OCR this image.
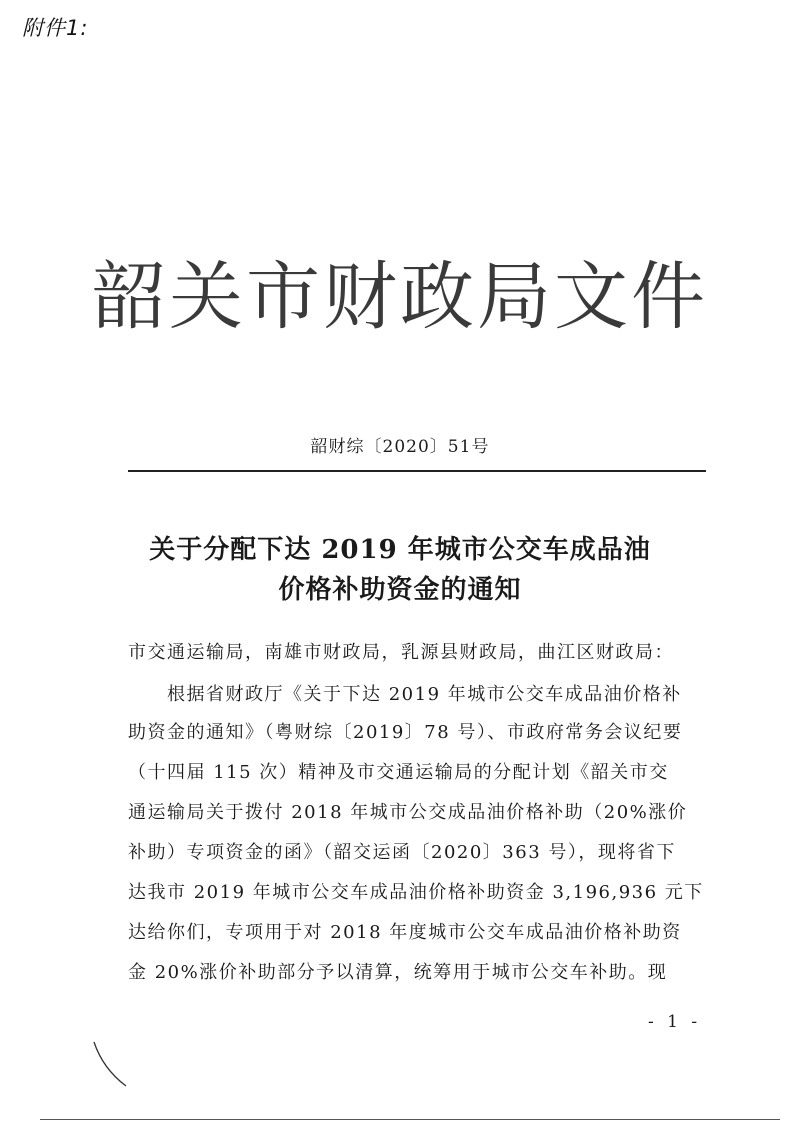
附件1:
韶关市财政局文件
韶财综〔2020〕51号
关于分配下达 2019 年城市公交车成品油
价格补助资金的通知
市交通运输局，南雄市财政局，乳源县财政局，曲江区财政局：
　　根据省财政厅《关于下达 2019 年城市公交车成品油价格补
助资金的通知》（粤财综〔2019〕78 号）、市政府常务会议纪要
（十四届 115 次）精神及市交通运输局的分配计划《韶关市交
通运输局关于拨付 2018 年城市公交成品油价格补助（20%涨价
补助）专项资金的函》（韶交运函〔2020〕363 号），现将省下
达我市 2019 年城市公交车成品油价格补助资金 3,196,936 元下
达给你们，专项用于对 2018 年度城市公交车成品油价格补助资
金 20%涨价补助部分予以清算，统筹用于城市公交车补助。现
- 1 -
